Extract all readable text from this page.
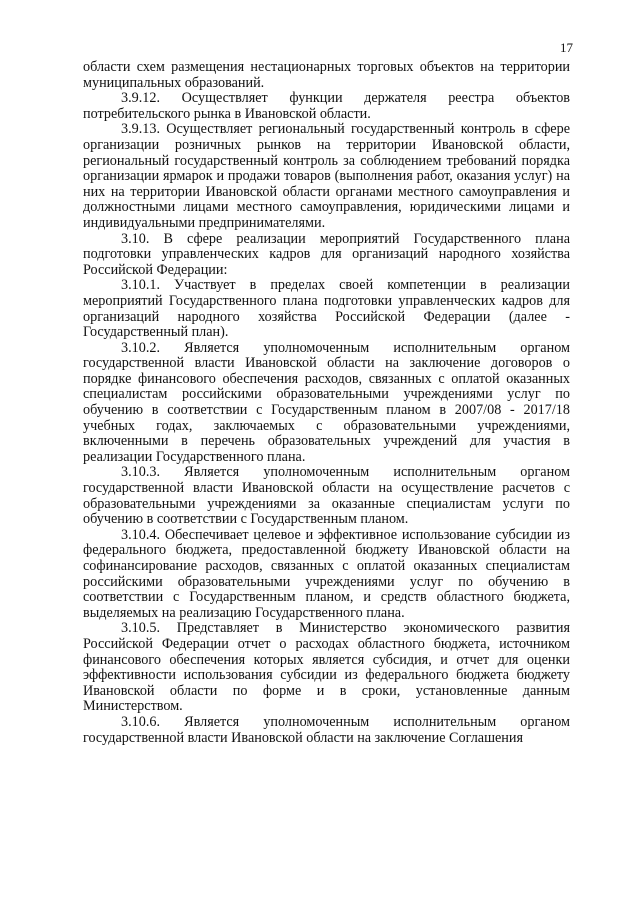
17

области схем размещения нестационарных торговых объектов на территории муниципальных образований.

3.9.12. Осуществляет функции держателя реестра объектов потребительского рынка в Ивановской области.

3.9.13. Осуществляет региональный государственный контроль в сфере организации розничных рынков на территории Ивановской области, региональный государственный контроль за соблюдением требований порядка организации ярмарок и продажи товаров (выполнения работ, оказания услуг) на них на территории Ивановской области органами местного самоуправления и должностными лицами местного самоуправления, юридическими лицами и индивидуальными предпринимателями.

3.10. В сфере реализации мероприятий Государственного плана подготовки управленческих кадров для организаций народного хозяйства Российской Федерации:

3.10.1. Участвует в пределах своей компетенции в реализации мероприятий Государственного плана подготовки управленческих кадров для организаций народного хозяйства Российской Федерации (далее - Государственный план).

3.10.2. Является уполномоченным исполнительным органом государственной власти Ивановской области на заключение договоров о порядке финансового обеспечения расходов, связанных с оплатой оказанных специалистам российскими образовательными учреждениями услуг по обучению в соответствии с Государственным планом в 2007/08 - 2017/18 учебных годах, заключаемых с образовательными учреждениями, включенными в перечень образовательных учреждений для участия в реализации Государственного плана.

3.10.3. Является уполномоченным исполнительным органом государственной власти Ивановской области на осуществление расчетов с образовательными учреждениями за оказанные специалистам услуги по обучению в соответствии с Государственным планом.

3.10.4. Обеспечивает целевое и эффективное использование субсидии из федерального бюджета, предоставленной бюджету Ивановской области на софинансирование расходов, связанных с оплатой оказанных специалистам российскими образовательными учреждениями услуг по обучению в соответствии с Государственным планом, и средств областного бюджета, выделяемых на реализацию Государственного плана.

3.10.5. Представляет в Министерство экономического развития Российской Федерации отчет о расходах областного бюджета, источником финансового обеспечения которых является субсидия, и отчет для оценки эффективности использования субсидии из федерального бюджета бюджету Ивановской области по форме и в сроки, установленные данным Министерством.

3.10.6. Является уполномоченным исполнительным органом государственной власти Ивановской области на заключение Соглашения
